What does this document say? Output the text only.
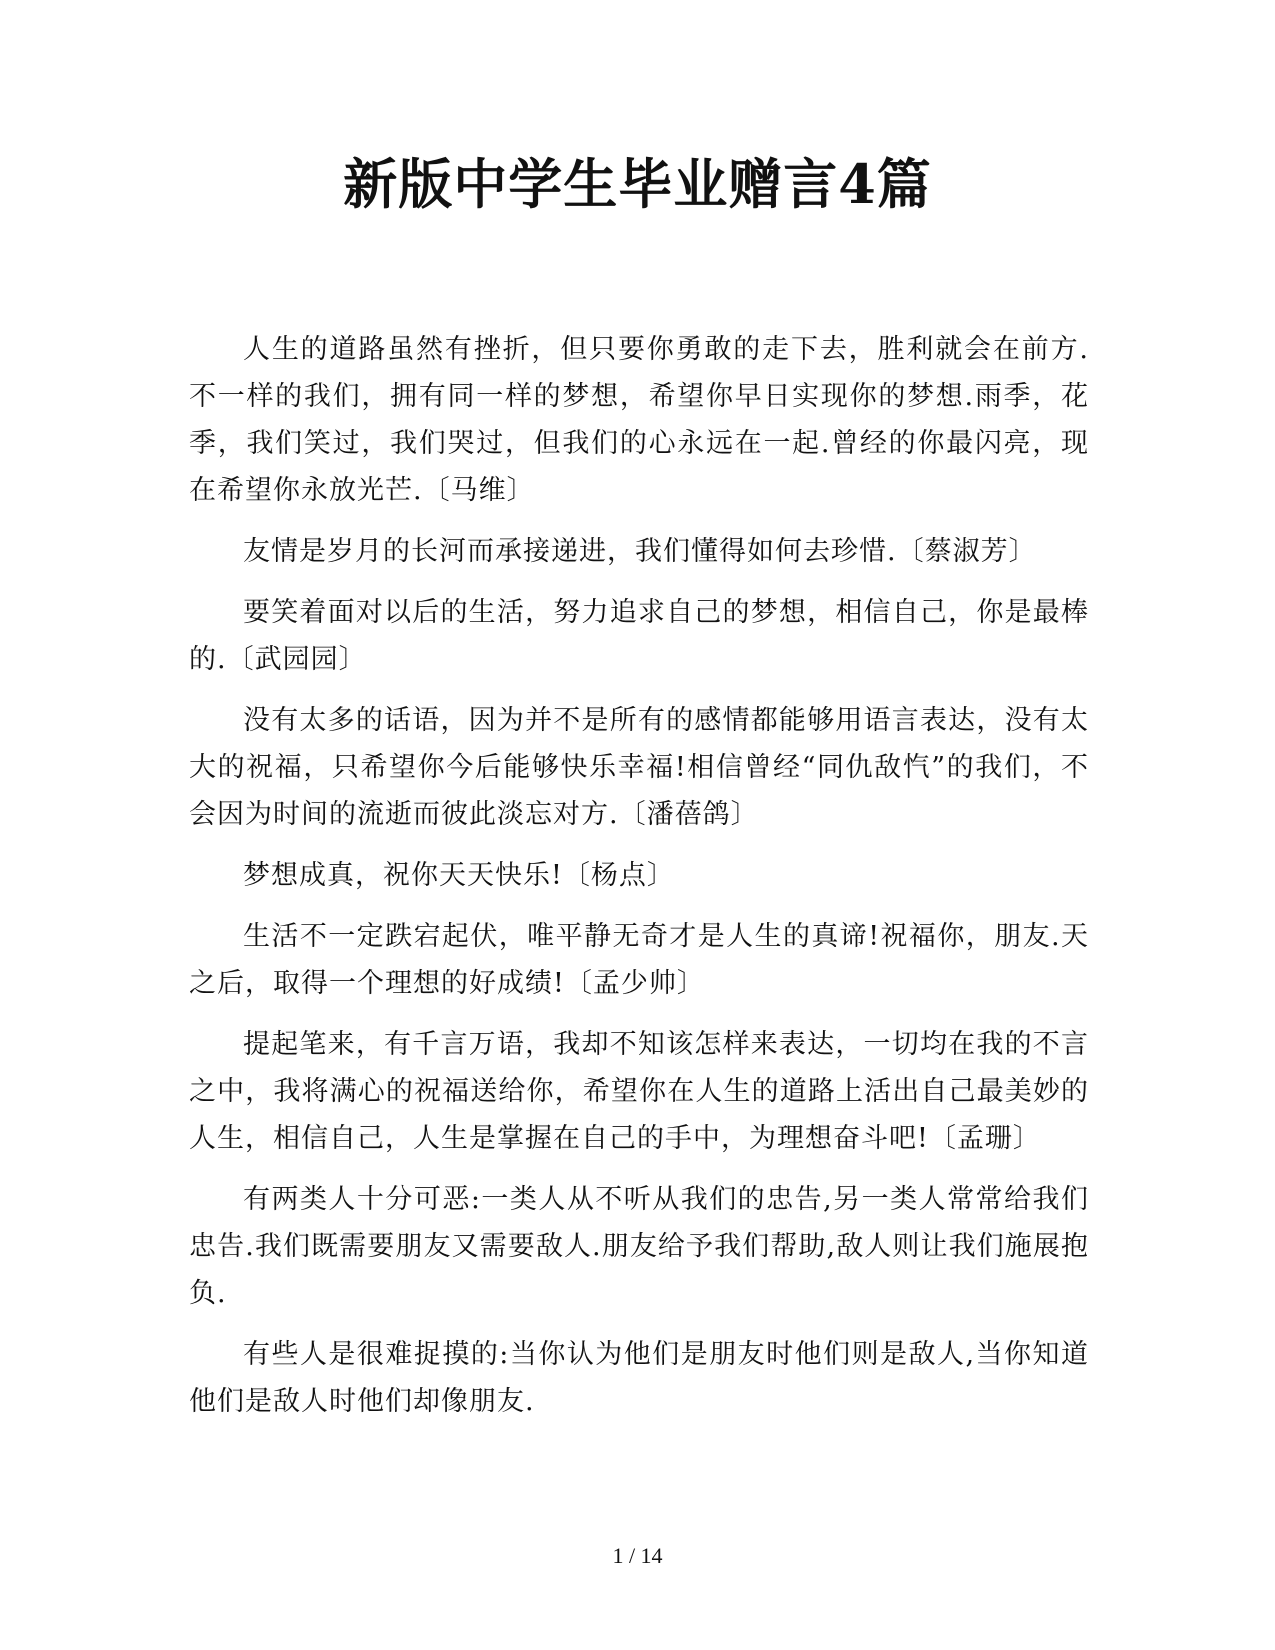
新版中学生毕业赠言4篇

人生的道路虽然有挫折，但只要你勇敢的走下去，胜利就会在前方.不一样的我们，拥有同一样的梦想，希望你早日实现你的梦想.雨季，花季，我们笑过，我们哭过，但我们的心永远在一起.曾经的你最闪亮，现在希望你永放光芒.〔马维〕

友情是岁月的长河而承接递进，我们懂得如何去珍惜.〔蔡淑芳〕

要笑着面对以后的生活，努力追求自己的梦想，相信自己，你是最棒的.〔武园园〕

没有太多的话语，因为并不是所有的感情都能够用语言表达，没有太大的祝福，只希望你今后能够快乐幸福!相信曾经“同仇敌忾”的我们，不会因为时间的流逝而彼此淡忘对方.〔潘蓓鸽〕

梦想成真，祝你天天快乐!〔杨点〕

生活不一定跌宕起伏，唯平静无奇才是人生的真谛!祝福你，朋友.天之后，取得一个理想的好成绩!〔孟少帅〕

提起笔来，有千言万语，我却不知该怎样来表达，一切均在我的不言之中，我将满心的祝福送给你，希望你在人生的道路上活出自己最美妙的人生，相信自己，人生是掌握在自己的手中，为理想奋斗吧!〔孟珊〕

有两类人十分可恶:一类人从不听从我们的忠告,另一类人常常给我们忠告.我们既需要朋友又需要敌人.朋友给予我们帮助,敌人则让我们施展抱负.

有些人是很难捉摸的:当你认为他们是朋友时他们则是敌人,当你知道他们是敌人时他们却像朋友.

1 / 14
